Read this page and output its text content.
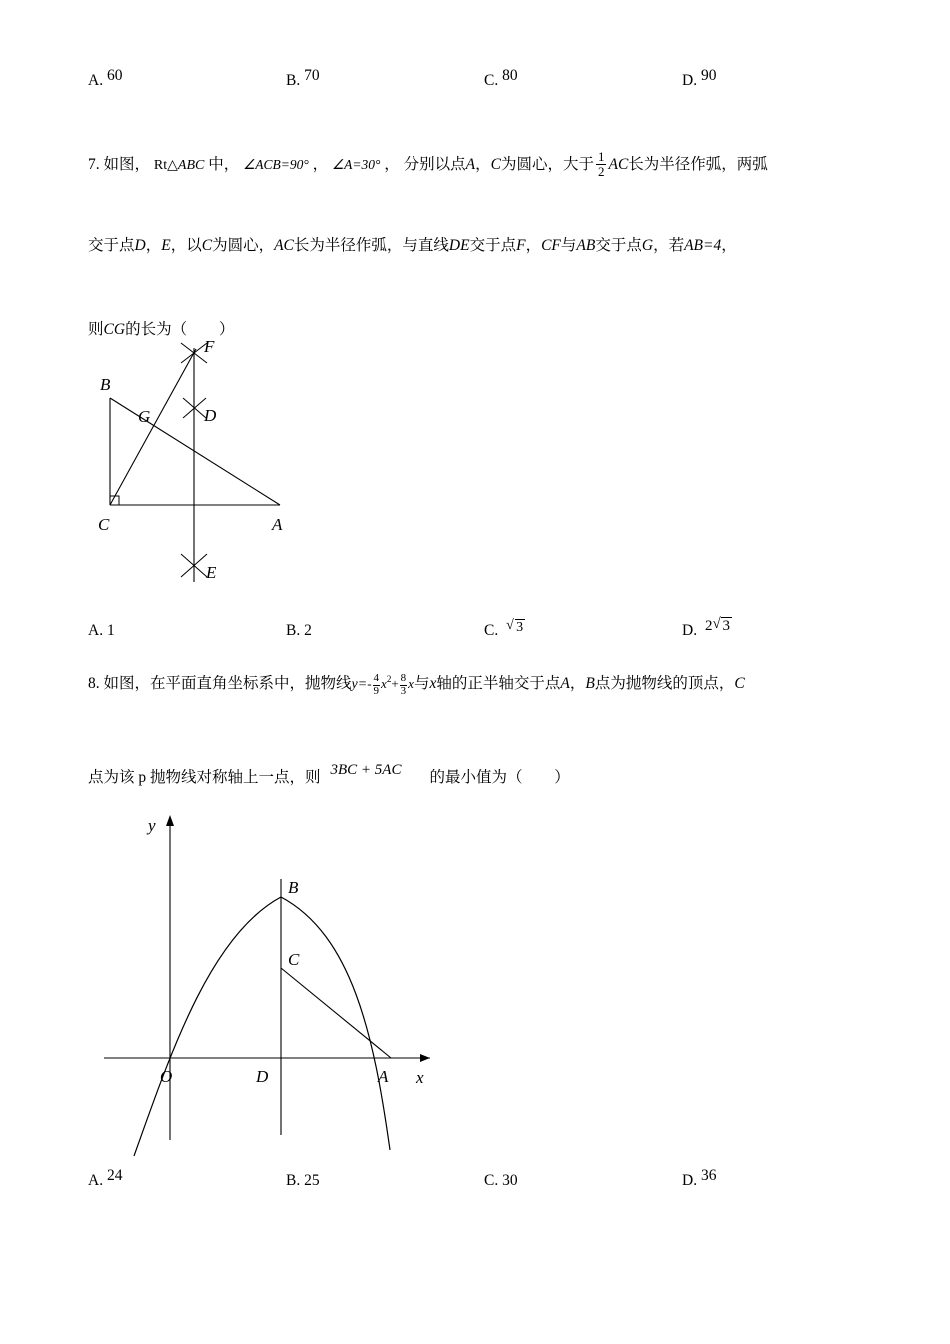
A. 60	B. 70	C. 80	D. 90
7. 如图， Rt△ABC 中， ∠ACB=90° ， ∠A=30° ， 分别以点A，C为圆心，大于 $\frac{1}{2}$ AC长为半径作弧，两弧
交于点D，E，以C为圆心，AC长为半径作弧，与直线DE交于点F，CF与AB交于点G，若AB=4，
则CG的长为（ ）
F
B
G	D
C	A
E
A. 1	B. 2	C. √ 3	D. 2 √ 3
8. 如图，在平面直角坐标系中，抛物线$y=- \frac{4}{9} x^2+ \frac{8}{3}$ x与x轴的正半轴交于点A，B点为抛物线的顶点，C
点为该 p 抛物线对称轴上一点，则 3BC + 5AC 的最小值为（ ）
y
B
C
O	D	A x
A. 24	B. 25	C. 30	D. 36
